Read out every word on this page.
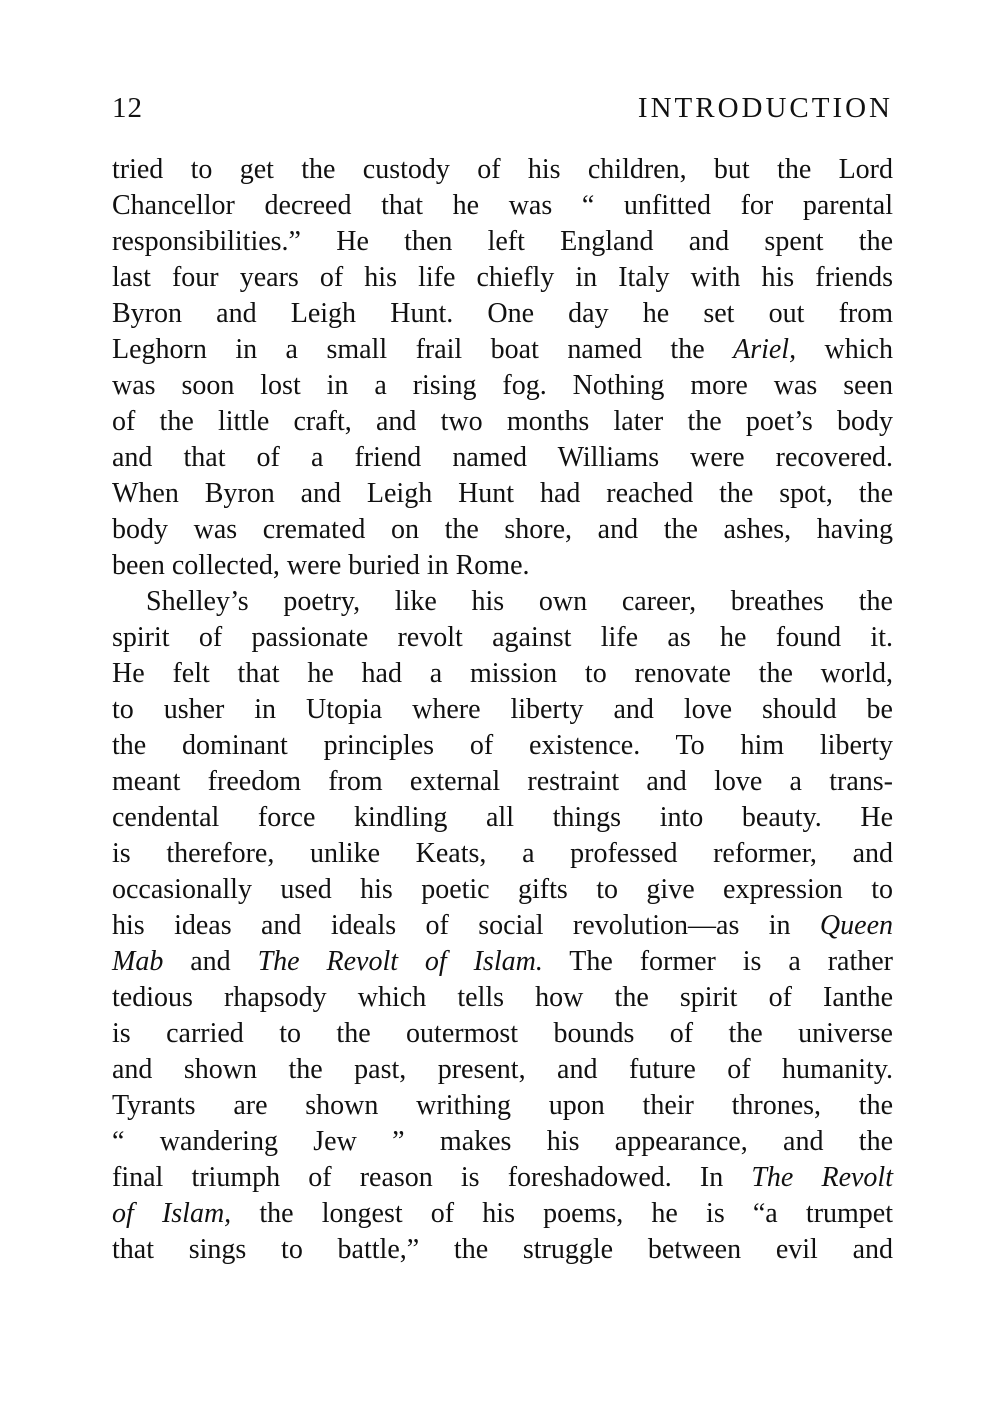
12	INTRODUCTION
tried to get the custody of his children, but the Lord
Chancellor decreed that he was “ unfitted for parental
responsibilities.” He then left England and spent the
last four years of his life chiefly in Italy with his friends
Byron and Leigh Hunt. One day he set out from
Leghorn in a small frail boat named the Ariel, which
was soon lost in a rising fog. Nothing more was seen
of the little craft, and two months later the poet’s body
and that of a friend named Williams were recovered.
When Byron and Leigh Hunt had reached the spot, the
body was cremated on the shore, and the ashes, having
been collected, were buried in Rome.
Shelley’s poetry, like his own career, breathes the
spirit of passionate revolt against life as he found it.
He felt that he had a mission to renovate the world,
to usher in Utopia where liberty and love should be
the dominant principles of existence. To him liberty
meant freedom from external restraint and love a trans-
cendental force kindling all things into beauty. He
is therefore, unlike Keats, a professed reformer, and
occasionally used his poetic gifts to give expression to
his ideas and ideals of social revolution—as in Queen
Mab and The Revolt of Islam. The former is a rather
tedious rhapsody which tells how the spirit of Ianthe
is carried to the outermost bounds of the universe
and shown the past, present, and future of humanity.
Tyrants are shown writhing upon their thrones, the
“ wandering Jew ” makes his appearance, and the
final triumph of reason is foreshadowed. In The Revolt
of Islam, the longest of his poems, he is “a trumpet
that sings to battle,” the struggle between evil and
